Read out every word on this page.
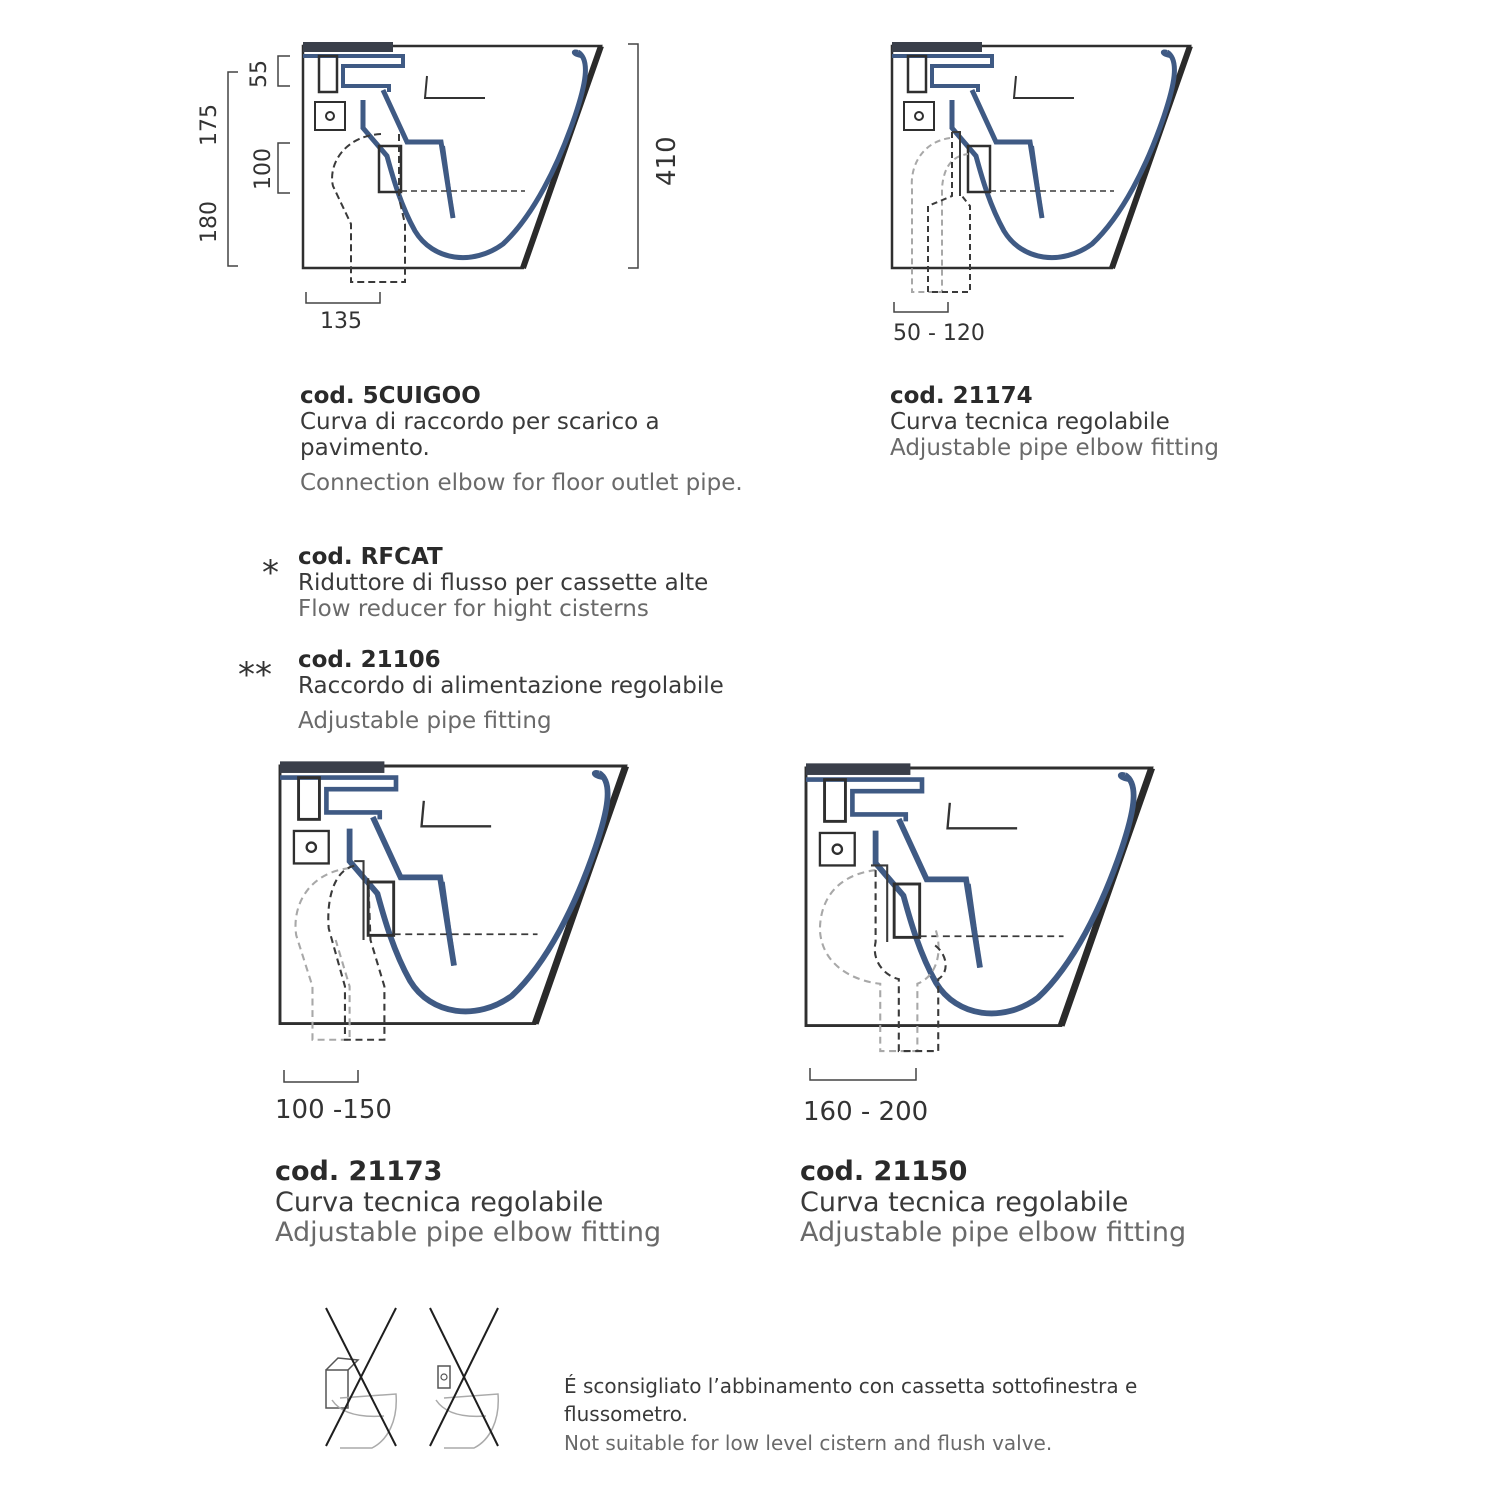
55
175
100
180
410
135	50 - 120
100 -150	160 - 200
cod. 5CUIGOO
Curva di raccordo per scarico a
pavimento.
Connection elbow for floor outlet pipe.
cod. 21174
Curva tecnica regolabile
Adjustable pipe elbow fitting
* cod. RFCAT
Riduttore di flusso per cassette alte
Flow reducer for hight cisterns
** cod. 21106
Raccordo di alimentazione regolabile
Adjustable pipe fitting
cod. 21173
Curva tecnica regolabile
Adjustable pipe elbow fitting
cod. 21150
Curva tecnica regolabile
Adjustable pipe elbow fitting
É sconsigliato l’abbinamento con cassetta sottofinestra e
flussometro.
Not suitable for low level cistern and flush valve.
